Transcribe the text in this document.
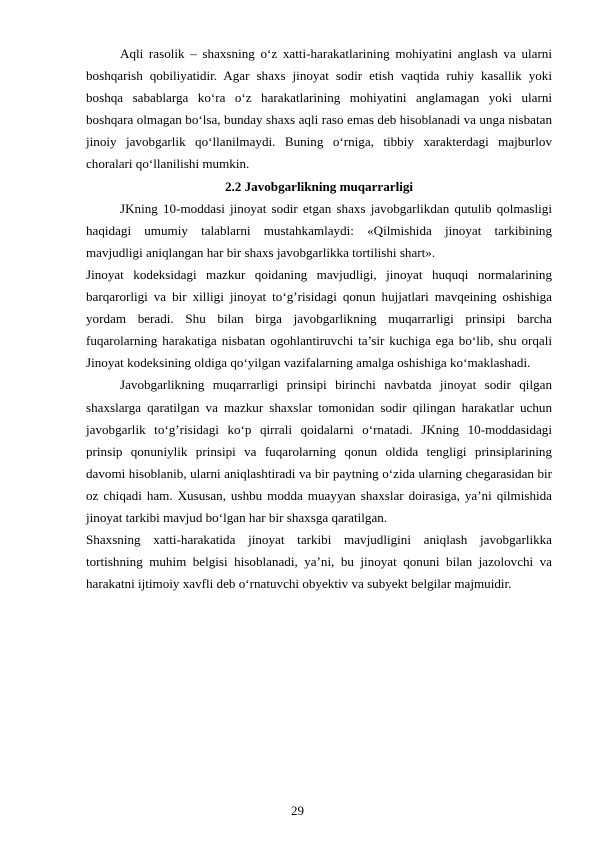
Aqli rasolik – shaxsning o‘z xatti-harakatlarining mohiyatini anglash va ularni boshqarish qobiliyatidir. Agar shaxs jinoyat sodir etish vaqtida ruhiy kasallik yoki boshqa sabablarga ko‘ra o‘z harakatlarining mohiyatini anglamagan yoki ularni boshqara olmagan bo‘lsa, bunday shaxs aqli raso emas deb hisoblanadi va unga nisbatan jinoiy javobgarlik qo‘llanilmaydi. Buning o‘rniga, tibbiy xarakterdagi majburlov choralari qo‘llanilishi mumkin.

2.2 Javobgarlikning muqarrarligi

JKning 10-moddasi jinoyat sodir etgan shaxs javobgarlikdan qutulib qolmasligi haqidagi umumiy talablarni mustahkamlaydi: «Qilmishida jinoyat tarkibining mavjudligi aniqlangan har bir shaxs javobgarlikka tortilishi shart».

Jinoyat kodeksidagi mazkur qoidaning mavjudligi, jinoyat huquqi normalarining barqarorligi va bir xilligi jinoyat to‘g’risidagi qonun hujjatlari mavqeining oshishiga yordam beradi. Shu bilan birga javobgarlikning muqarrarligi prinsipi barcha fuqarolarning harakatiga nisbatan ogohlantiruvchi ta’sir kuchiga ega bo‘lib, shu orqali Jinoyat kodeksining oldiga qo‘yilgan vazifalarning amalga oshishiga ko‘maklashadi.

Javobgarlikning muqarrarligi prinsipi birinchi navbatda jinoyat sodir qilgan shaxslarga qaratilgan va mazkur shaxslar tomonidan sodir qilingan harakatlar uchun javobgarlik to‘g’risidagi ko‘p qirrali qoidalarni o‘rnatadi. JKning 10-moddasidagi prinsip qonuniylik prinsipi va fuqarolarning qonun oldida tengligi prinsiplarining davomi hisoblanib, ularni aniqlashtiradi va bir paytning o‘zida ularning chegarasidan bir oz chiqadi ham. Xususan, ushbu modda muayyan shaxslar doirasiga, ya’ni qilmishida jinoyat tarkibi mavjud bo‘lgan har bir shaxsga qaratilgan.

Shaxsning xatti-harakatida jinoyat tarkibi mavjudligini aniqlash javobgarlikka tortishning muhim belgisi hisoblanadi, ya’ni, bu jinoyat qonuni bilan jazolovchi va harakatni ijtimoiy xavfli deb o‘rnatuvchi obyektiv va subyekt belgilar majmuidir.

29
